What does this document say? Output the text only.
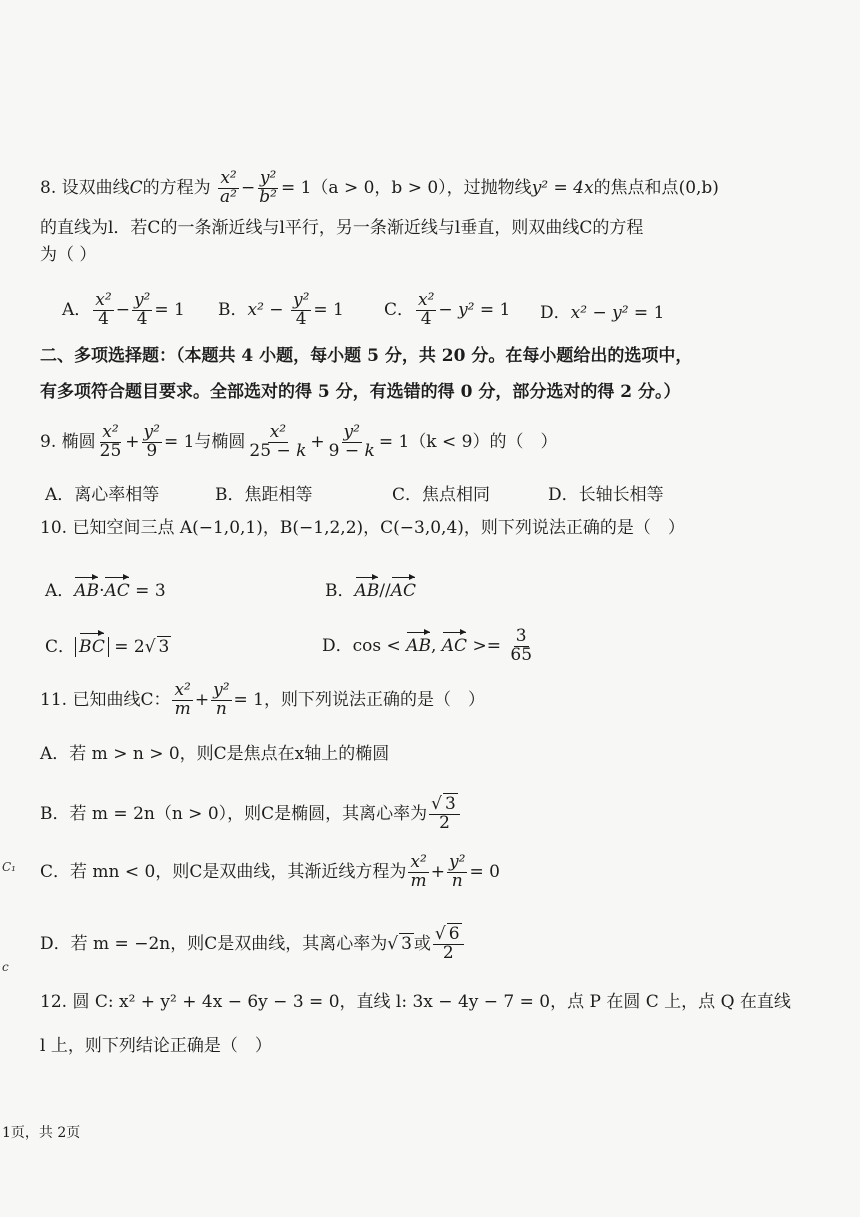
8. 设双曲线C的方程为 $\frac{\text{x²}}{\text{a²}} - \frac{\text{y²}}{\text{b²}} = 1(a > 0$，b > 0），过抛物线y² = 4x的焦点和点(0,b)
的直线为l．若C的一条渐近线与l平行，另一条渐近线与l垂直，则双曲线C的方程
为（ ）
A． $\frac{\text{x²}}{4} - \frac{\text{y²}}{4} = 1$ B．$x^2 - \frac{\text{y²}}{4} = 1$ C． $\frac{\text{x²}}{4} - y^2 = 1$ D．x² − y² = 1
二、多项选择题：（本题共 4 小题，每小题 5 分，共 20 分。在每小题给出的选项中，
有多项符合题目要求。全部选对的得 5 分，有选错的得 0 分，部分选对的得 2 分。）
9. 椭圆 $\frac{\text{x²}}{25} + \frac{\text{y²}}{9} = 1$与椭圆 $\frac{\text{x²}}{25 - k} + \frac{\text{y²}}{9 - k} = 1(k < 9)$的（　）
A．离心率相等	B．焦距相等	C．焦点相同	D．长轴长相等
10. 已知空间三点 A(−1,0,1)，B(−1,2,2)，C(−3,0,4)，则下列说法正确的是（　）
A．AB·AC = 3	B．AB//AC
C． BC = 2√ 3	D．cos < AB, AC >= $\frac{3}{65}$
11. 已知曲线C： $\frac{\text{x²}}{m} + \frac{\text{y²}}{n} = 1$，则下列说法正确的是（　）
A．若 m > n > 0，则C是焦点在x轴上的椭圆
B．若 m = 2n（n > 0），则C是椭圆，其离心率为 $\frac{√ 3}{2}$
C₁ C．若 mn < 0，则C是双曲线，其渐近线方程为 $\frac{\text{x²}}{m} + \frac{\text{y²}}{n} = 0$
c
D．若 m = −2n，则C是双曲线，其离心率为√ 3 或 $\frac{√ 6}{2}$
12. 圆 C: x² + y² + 4x − 6y − 3 = 0，直线 l: 3x − 4y − 7 = 0，点 P 在圆 C 上，点 Q 在直线
l 上，则下列结论正确是（　）
1页，共 2页
